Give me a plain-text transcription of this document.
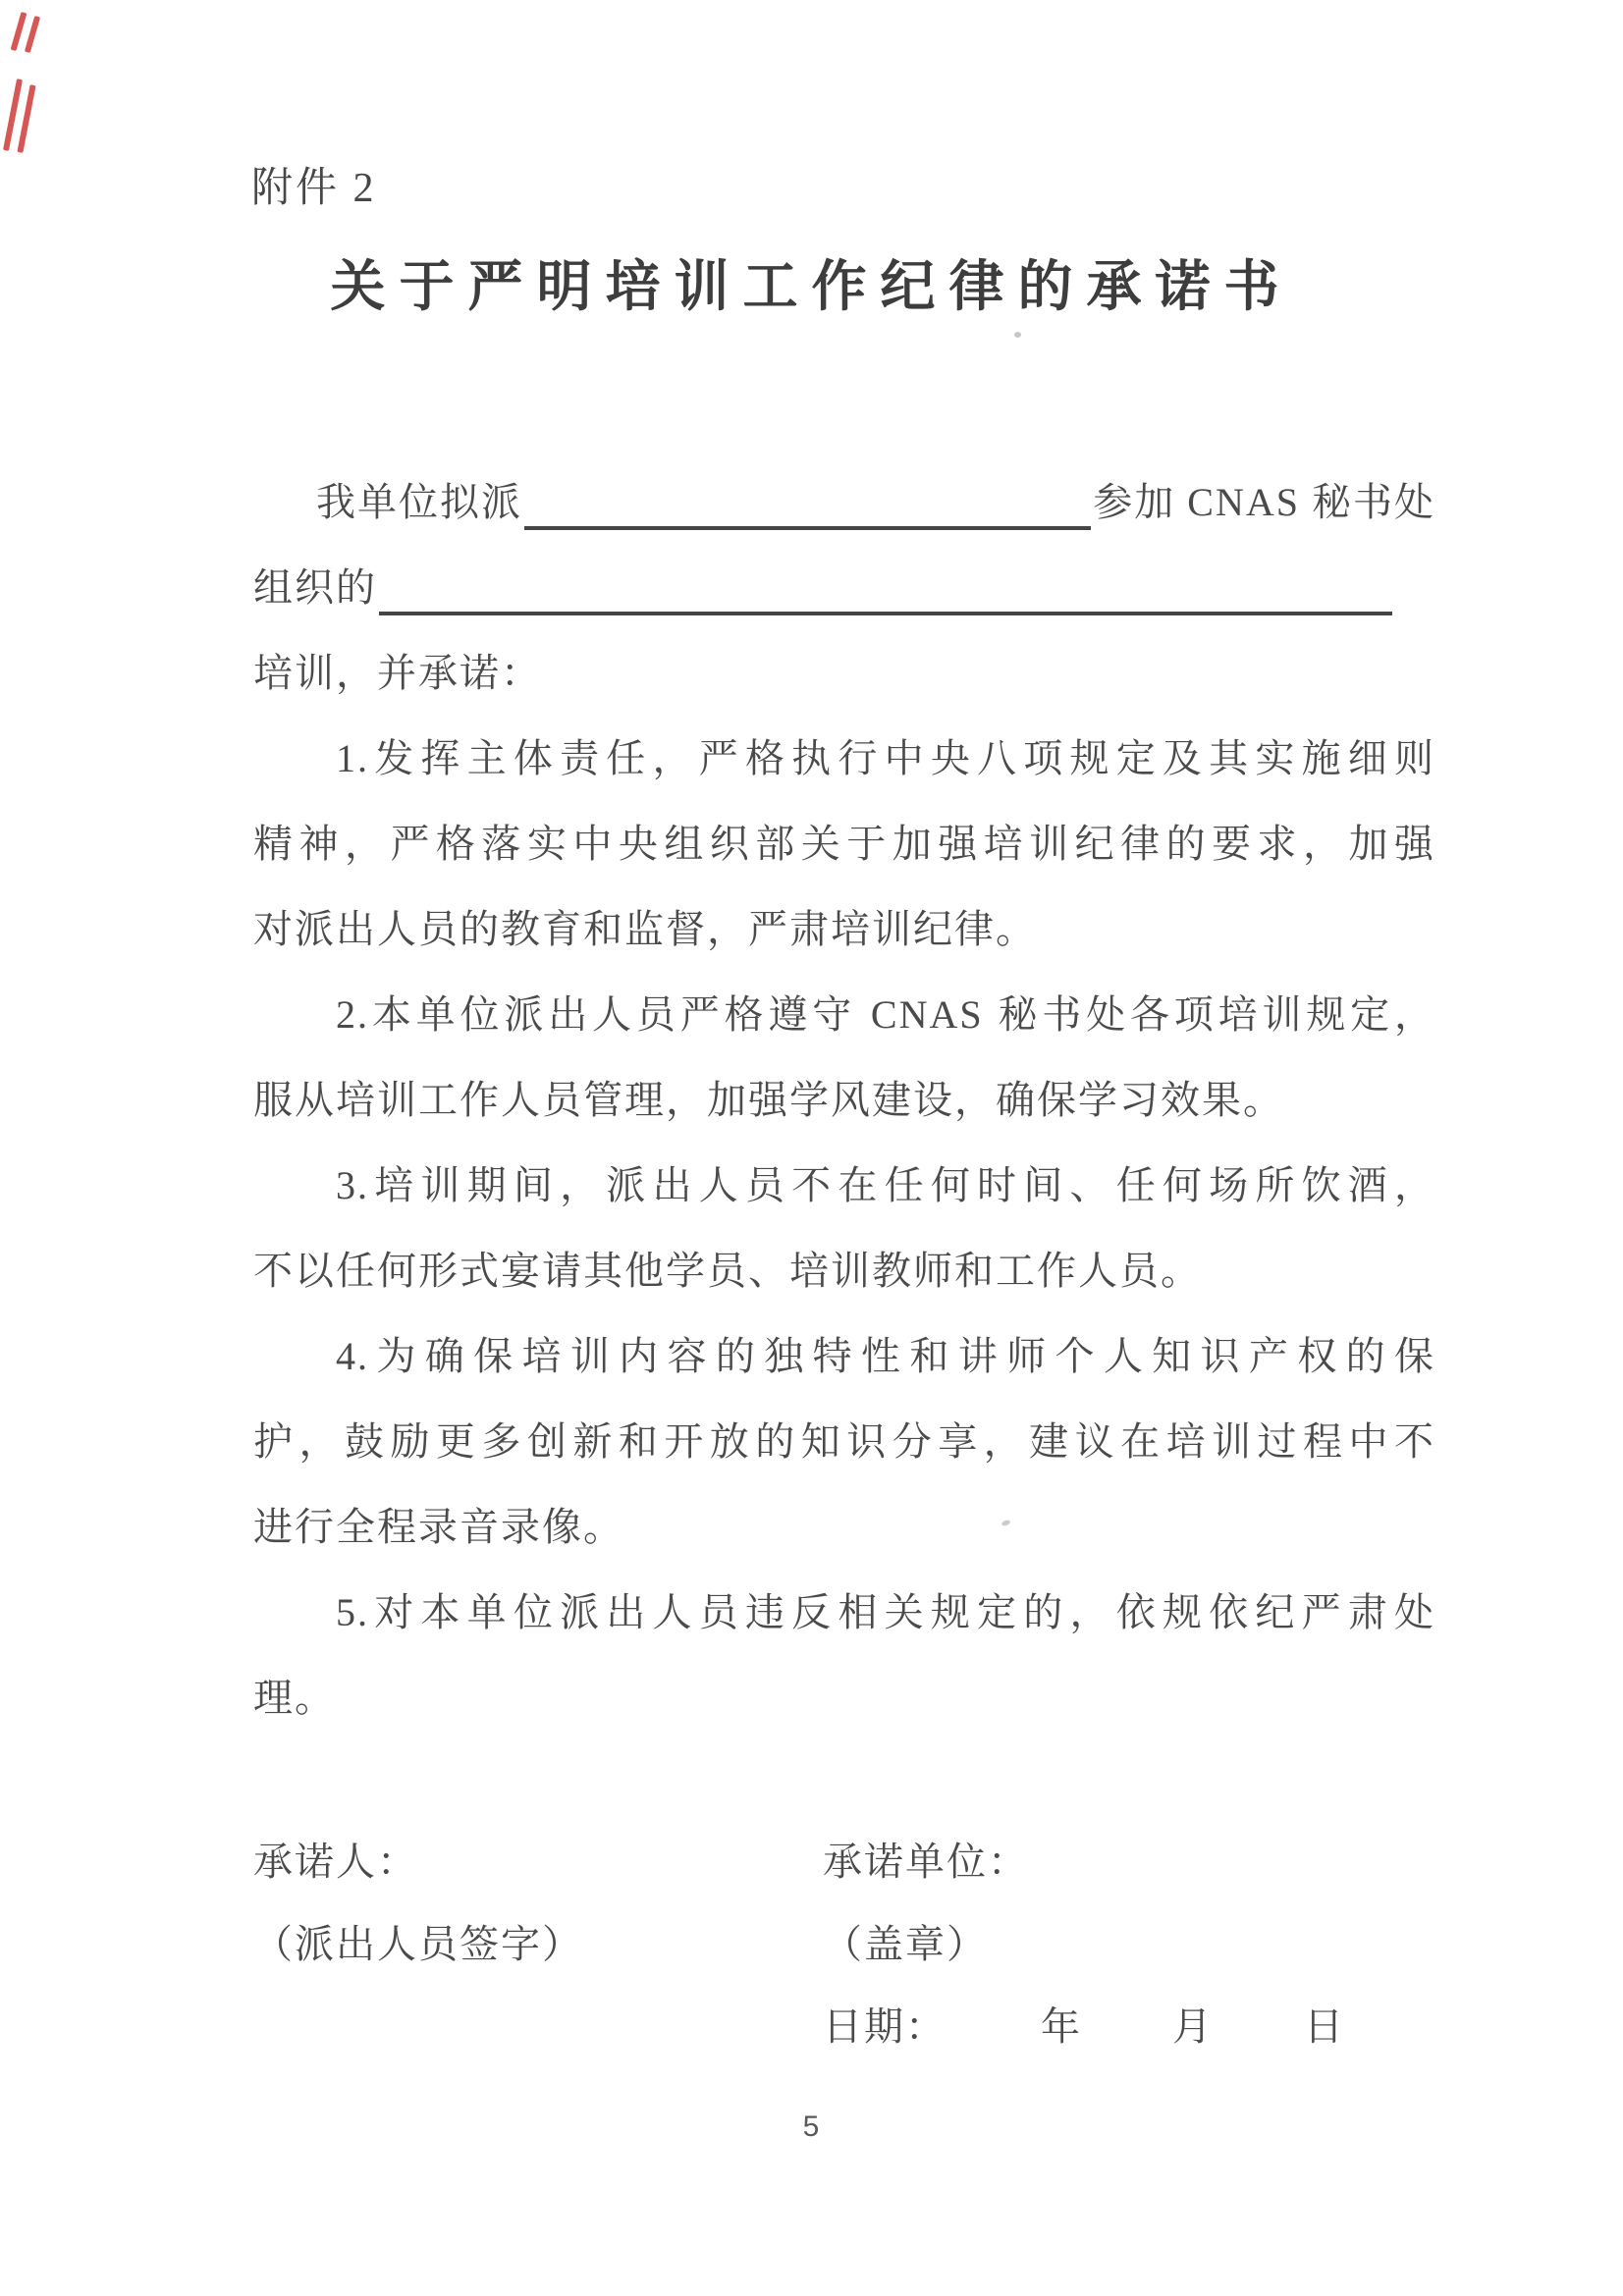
附件 2
关于严明培训工作纪律的承诺书
我单位拟派	参加 CNAS 秘书处
组织的
培训，并承诺：
1.发挥主体责任，严格执行中央八项规定及其实施细则
精神，严格落实中央组织部关于加强培训纪律的要求，加强
对派出人员的教育和监督，严肃培训纪律。
2.本单位派出人员严格遵守 CNAS 秘书处各项培训规定，
服从培训工作人员管理，加强学风建设，确保学习效果。
3.培训期间，派出人员不在任何时间、任何场所饮酒，
不以任何形式宴请其他学员、培训教师和工作人员。
4.为确保培训内容的独特性和讲师个人知识产权的保
护，鼓励更多创新和开放的知识分享，建议在培训过程中不
进行全程录音录像。
5.对本单位派出人员违反相关规定的，依规依纪严肃处
理。
承诺人：	承诺单位：
（派出人员签字）	（盖章）
日期： 年 月 日
5
